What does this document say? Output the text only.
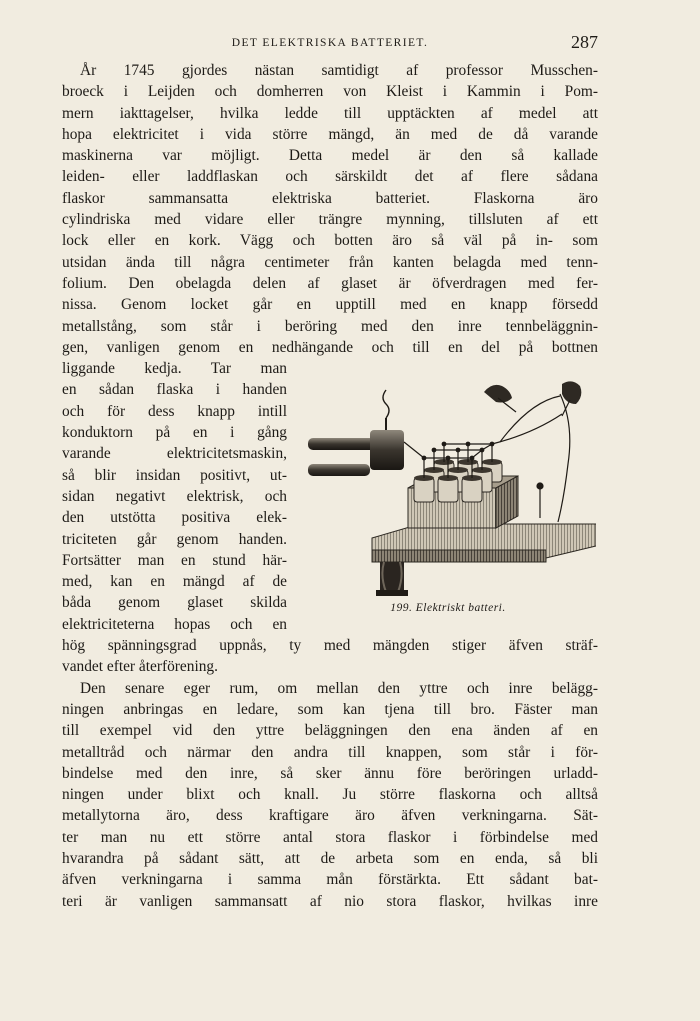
DET ELEKTRISKA BATTERIET.	287
År 1745 gjordes nästan samtidigt af professor Musschen-
broeck i Leijden och domherren von Kleist i Kammin i Pom-
mern iakttagelser, hvilka ledde till upptäckten af medel att
hopa elektricitet i vida större mängd, än med de då varande
maskinerna var möjligt. Detta medel är den så kallade
leiden- eller laddflaskan och särskildt det af flere sådana
flaskor sammansatta elektriska batteriet. Flaskorna äro
cylindriska med vidare eller trängre mynning, tillsluten af ett
lock eller en kork. Vägg och botten äro så väl på in- som
utsidan ända till några centimeter från kanten belagda med tenn-
folium. Den obelagda delen af glaset är öfverdragen med fer-
nissa. Genom locket går en upptill med en knapp försedd
metallstång, som står i beröring med den inre tennbeläggnin-
gen, vanligen genom en nedhängande och till en del på bottnen
liggande kedja. Tar man
en sådan flaska i handen
och för dess knapp intill
konduktorn på en i gång
varande elektricitetsmaskin,
så blir insidan positivt, ut-
sidan negativt elektrisk, och
den utstötta positiva elek-
triciteten går genom handen.
Fortsätter man en stund här-
med, kan en mängd af de
båda genom glaset skilda
elektriciteterna hopas och en
hög spänningsgrad uppnås, ty med mängden stiger äfven sträf-
vandet efter återförening.
Den senare eger rum, om mellan den yttre och inre belägg-
ningen anbringas en ledare, som kan tjena till bro. Fäster man
till exempel vid den yttre beläggningen den ena änden af en
metalltråd och närmar den andra till knappen, som står i för-
bindelse med den inre, så sker ännu före beröringen urladd-
ningen under blixt och knall. Ju större flaskorna och alltså
metallytorna äro, dess kraftigare äro äfven verkningarna. Sät-
ter man nu ett större antal stora flaskor i förbindelse med
hvarandra på sådant sätt, att de arbeta som en enda, så bli
äfven verkningarna i samma mån förstärkta. Ett sådant bat-
teri är vanligen sammansatt af nio stora flaskor, hvilkas inre
199. Elektriskt batteri.
